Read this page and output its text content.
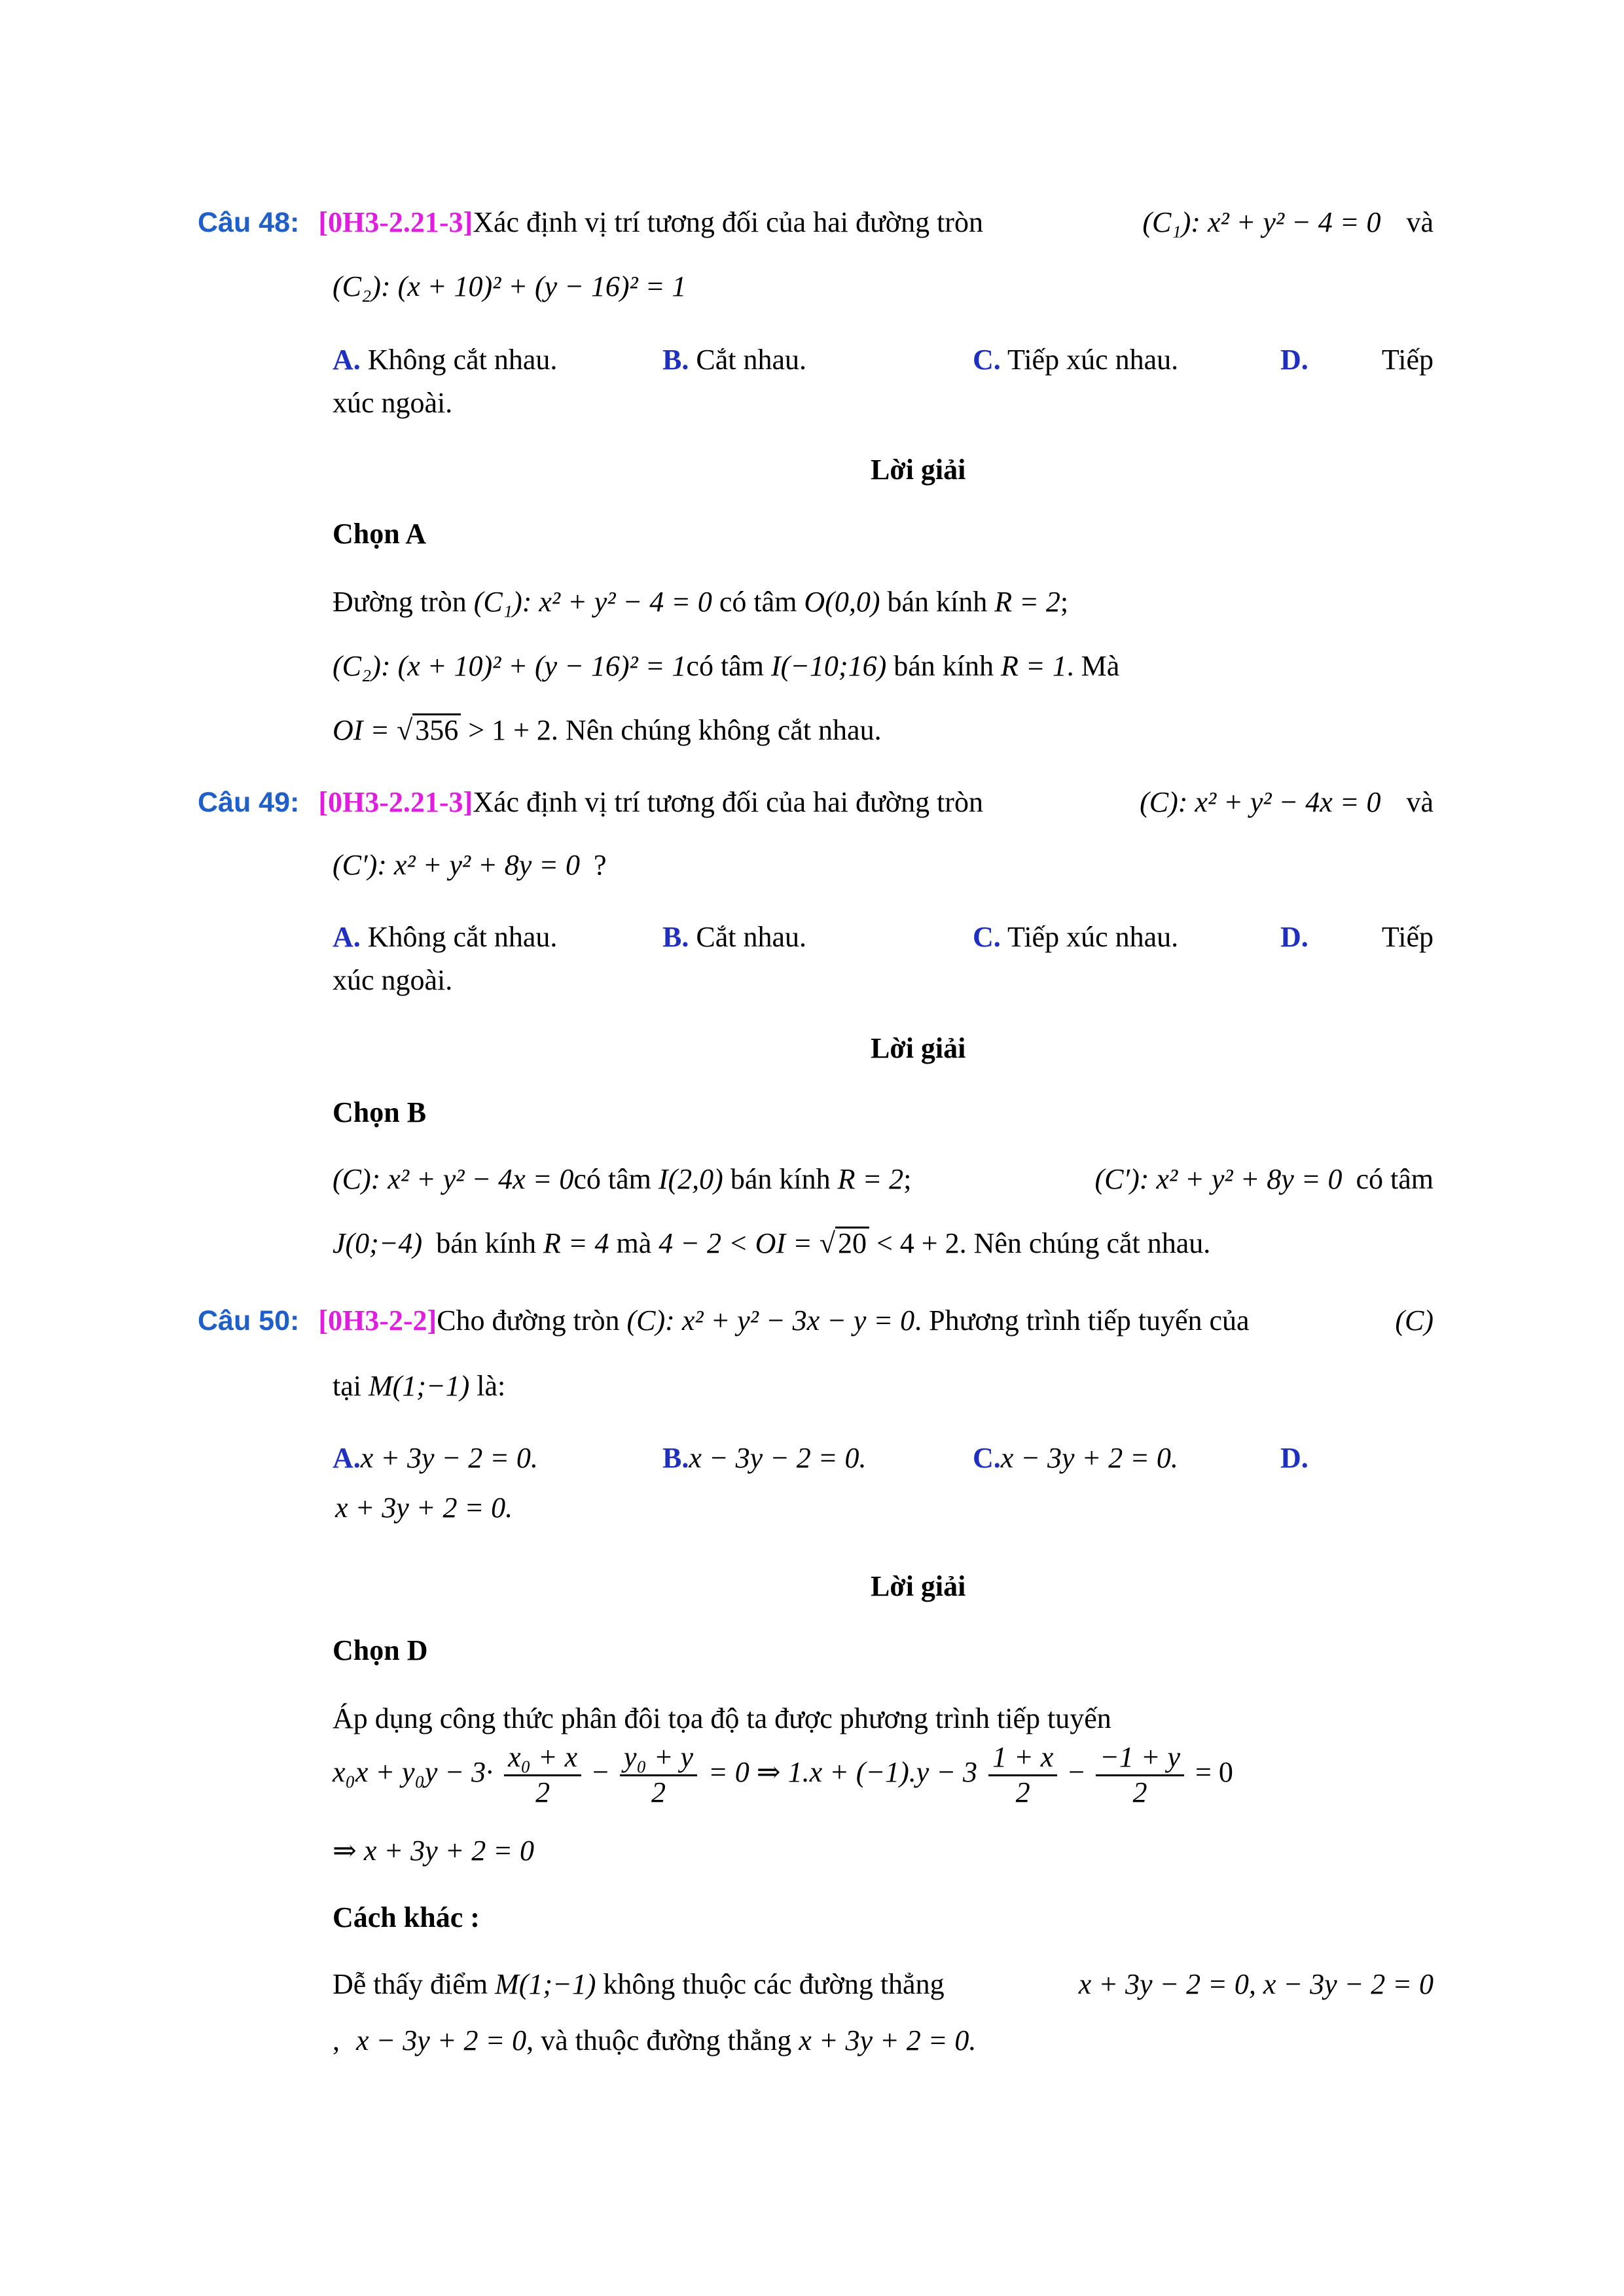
Câu 48: [0H3-2.21-3]Xác định vị trí tương đối của hai đường tròn	(C₁): x² + y² − 4 = 0 và
(C₂): (x + 10)² + (y − 16)² = 1
A. Không cắt nhau.	B. Cắt nhau.	C. Tiếp xúc nhau.	D.	Tiếp
xúc ngoài.
Lời giải
Chọn A
Đường tròn (C₁): x² + y² − 4 = 0 có tâm O(0,0) bán kính R = 2;
(C₂): (x + 10)² + (y − 16)² = 1có tâm I(−10;16) bán kính R = 1. Mà
OI = √356 > 1 + 2. Nên chúng không cắt nhau.
Câu 49: [0H3-2.21-3]Xác định vị trí tương đối của hai đường tròn	(C): x² + y² − 4x = 0 và
(C′): x² + y² + 8y = 0 ?
A. Không cắt nhau.	B. Cắt nhau.	C. Tiếp xúc nhau.	D.	Tiếp
xúc ngoài.
Lời giải
Chọn B
(C): x² + y² − 4x = 0có tâm I(2,0) bán kính R = 2;	(C′): x² + y² + 8y = 0 có tâm
J(0;−4) bán kính R = 4 mà 4 − 2 < OI = √20 < 4 + 2. Nên chúng cắt nhau.
Câu 50: [0H3-2-2]Cho đường tròn (C): x² + y² − 3x − y = 0. Phương trình tiếp tuyến của	(C)
tại M(1;−1) là:
A.x + 3y − 2 = 0.	B.x − 3y − 2 = 0.	C.x − 3y + 2 = 0.	D.
x + 3y + 2 = 0.
Lời giải
Chọn D
Áp dụng công thức phân đôi tọa độ ta được phương trình tiếp tuyến
$x_0x + y_0y - 3\cdot \frac{\text{x₀ + x}}{2} - \frac{\text{y₀ + y}}{2} = 0$ ⇒ $1.x + (-1).y - 3 \frac{1 + x}{2} - \frac{-1 + y}{2} = 0$
⇒ x + 3y + 2 = 0
Cách khác :
Dễ thấy điểm M(1;−1) không thuộc các đường thẳng	x + 3y − 2 = 0, x − 3y − 2 = 0
, x − 3y + 2 = 0, và thuộc đường thẳng x + 3y + 2 = 0.
